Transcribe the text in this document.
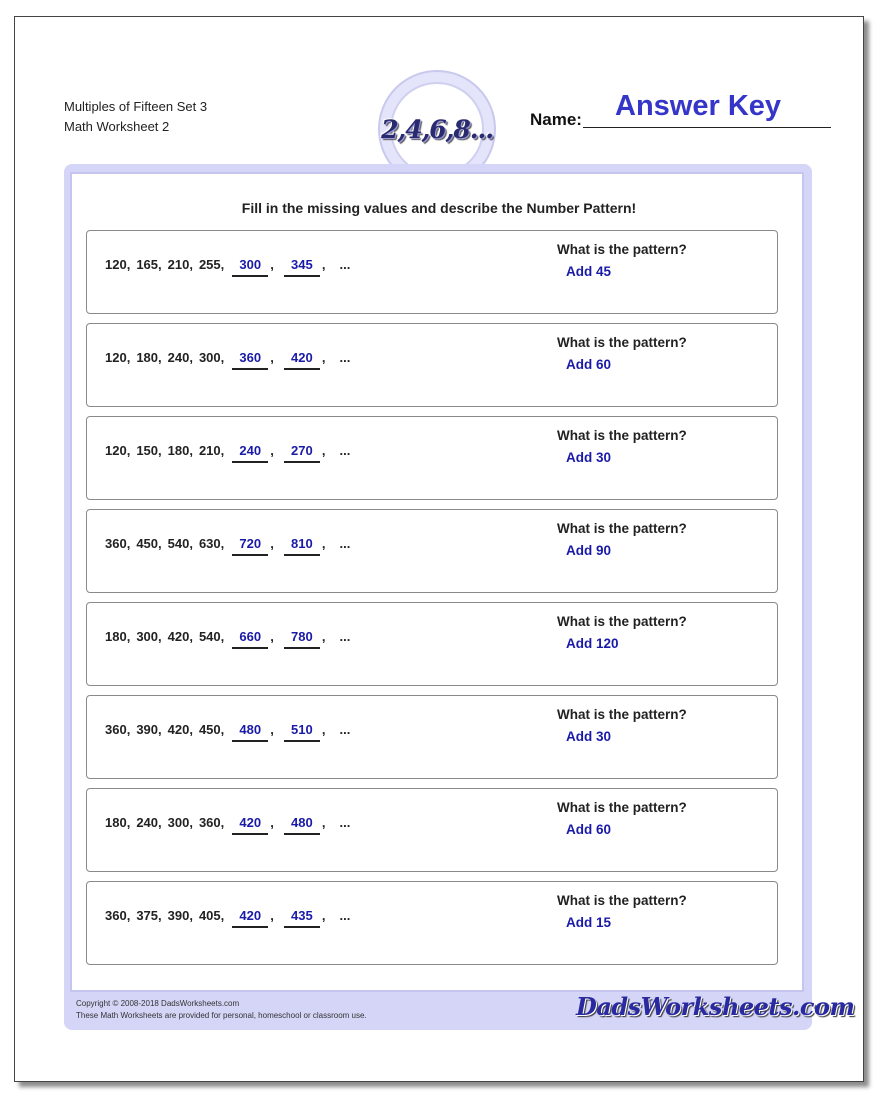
Multiples of Fifteen Set 3
Math Worksheet 2	2,4,6,8... Name: Answer Key
Fill in the missing values and describe the Number Pattern!
120, 165, 210, 255, 300 , 345 , ...
What is the pattern?
Add 45
120, 180, 240, 300, 360 , 420 , ...
What is the pattern?
Add 60
120, 150, 180, 210, 240 , 270 , ...
What is the pattern?
Add 30
360, 450, 540, 630, 720 , 810 , ...
What is the pattern?
Add 90
180, 300, 420, 540, 660 , 780 , ...
What is the pattern?
Add 120
360, 390, 420, 450, 480 , 510 , ...
What is the pattern?
Add 30
180, 240, 300, 360, 420 , 480 , ...
What is the pattern?
Add 60
360, 375, 390, 405, 420 , 435 , ...
What is the pattern?
Add 15
Copyright © 2008-2018 DadsWorksheets.com
These Math Worksheets are provided for personal, homeschool or classroom use.	DadsWorksheets.com
